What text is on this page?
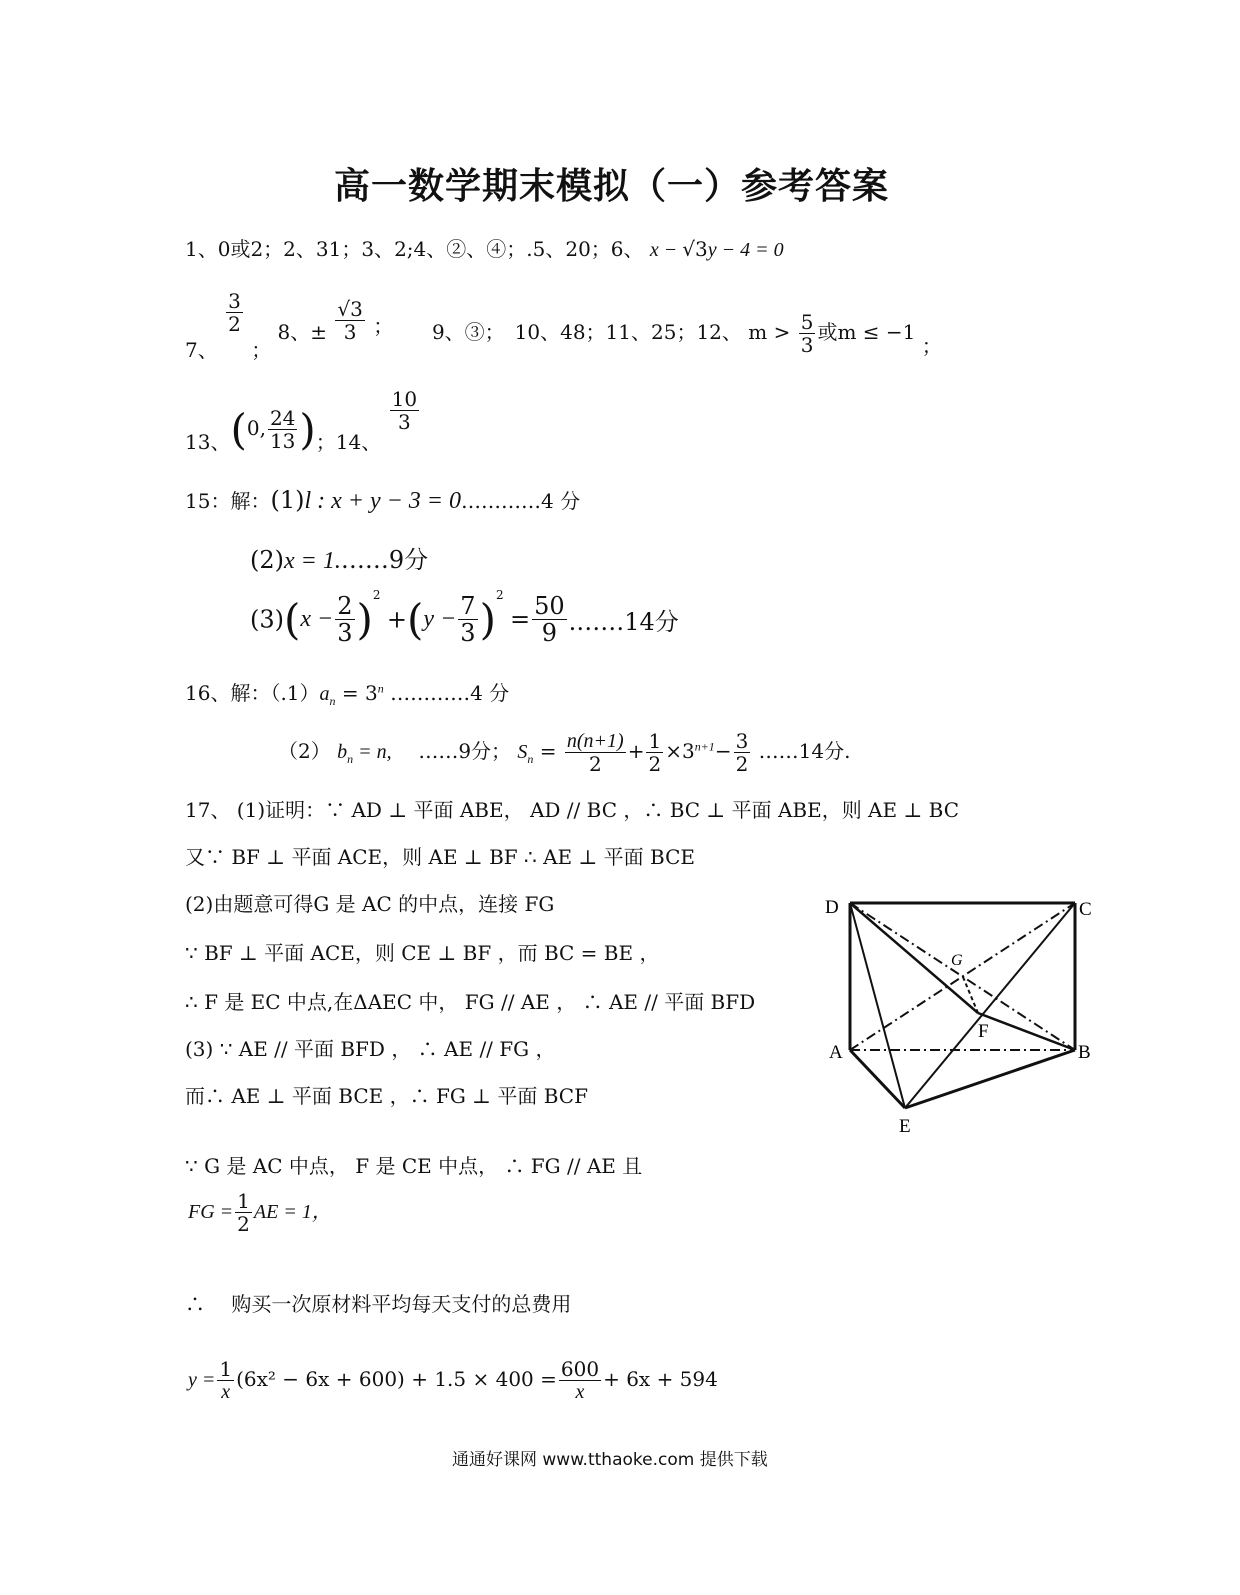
高一数学期末模拟（一）参考答案
1、0或2；2、31；3、2;4、②、④；.5、20；6、 x − √3y − 4 = 0
7、
$\frac{3}{2}$
； 8、± $\frac{√3}{3}$ ； 9、③；　10、48；11、25；12、 $m > \frac{5}{3}$ 或m ≤ −1 ；
13、(0, $\frac{24}{13}$ )；14、
$\frac{10}{3}$
15：解：(1)l : x + y − 3 = 0…………4 分
(2)x = 1.……9分
$(3)(x - \frac{2}{3} )^2 +(y - \frac{7}{3} )^2 = \frac{50}{9}$ .……14分
16、解：$(.1)a_n = 3^n$ …………4 分
（2） $b_n = n$, ……9分； $S_n = \frac{n(n+1)}{2} + \frac{1}{2} \times 3^{n+1}- \frac{3}{2}$ ……14分.
17、 (1)证明：∵ AD ⊥ 平面 ABE， AD // BC ，∴ BC ⊥ 平面 ABE，则 AE ⊥ BC
又∵ BF ⊥ 平面 ACE，则 AE ⊥ BF ∴ AE ⊥ 平面 BCE
(2)由题意可得G 是 AC 的中点，连接 FG
∵ BF ⊥ 平面 ACE，则 CE ⊥ BF ，而 BC = BE ，
∴ F 是 EC 中点,在ΔAEC 中， FG // AE ， ∴ AE // 平面 BFD
(3) ∵ AE // 平面 BFD ， ∴ AE // FG ，
而∴ AE ⊥ 平面 BCE ，∴ FG ⊥ 平面 BCF
∵ G 是 AC 中点， F 是 CE 中点， ∴ FG // AE 且
FG = $\frac{1}{2}$ AE = 1，
D	C
A	B
E
F
G
∴　 购买一次原材料平均每天支付的总费用
$y = \frac{1}{x} (6x^2 - 6x + 600) + 1.5 \times 400 = \frac{600}{x} + 6x + 594$
通通好课网 www.tthaoke.com 提供下载
